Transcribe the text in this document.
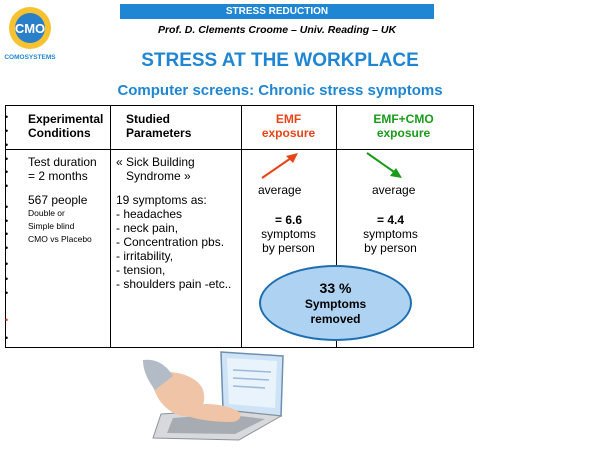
CMO
COMOSYSTEMS
STRESS REDUCTION
Prof. D. Clements Croome – Univ. Reading – UK
STRESS AT THE WORKPLACE
Computer screens: Chronic stress symptoms
•
•
•
•
•
•
•
•
•
•
•
•
•
•
•
Experimental
Conditions
Test duration
= 2 months
567 people
Double or
Simple blind
CMO vs Placebo
Studied
Parameters
« Sick Building
Syndrome »
19 symptoms as:
- headaches
- neck pain,
- Concentration pbs.
- irritability,
- tension,
- shoulders pain -etc..
EMF
exposure
average
= 6.6
symptoms
by person
EMF+CMO
exposure
average
= 4.4
symptoms
by person
33 %
Symptoms
removed
